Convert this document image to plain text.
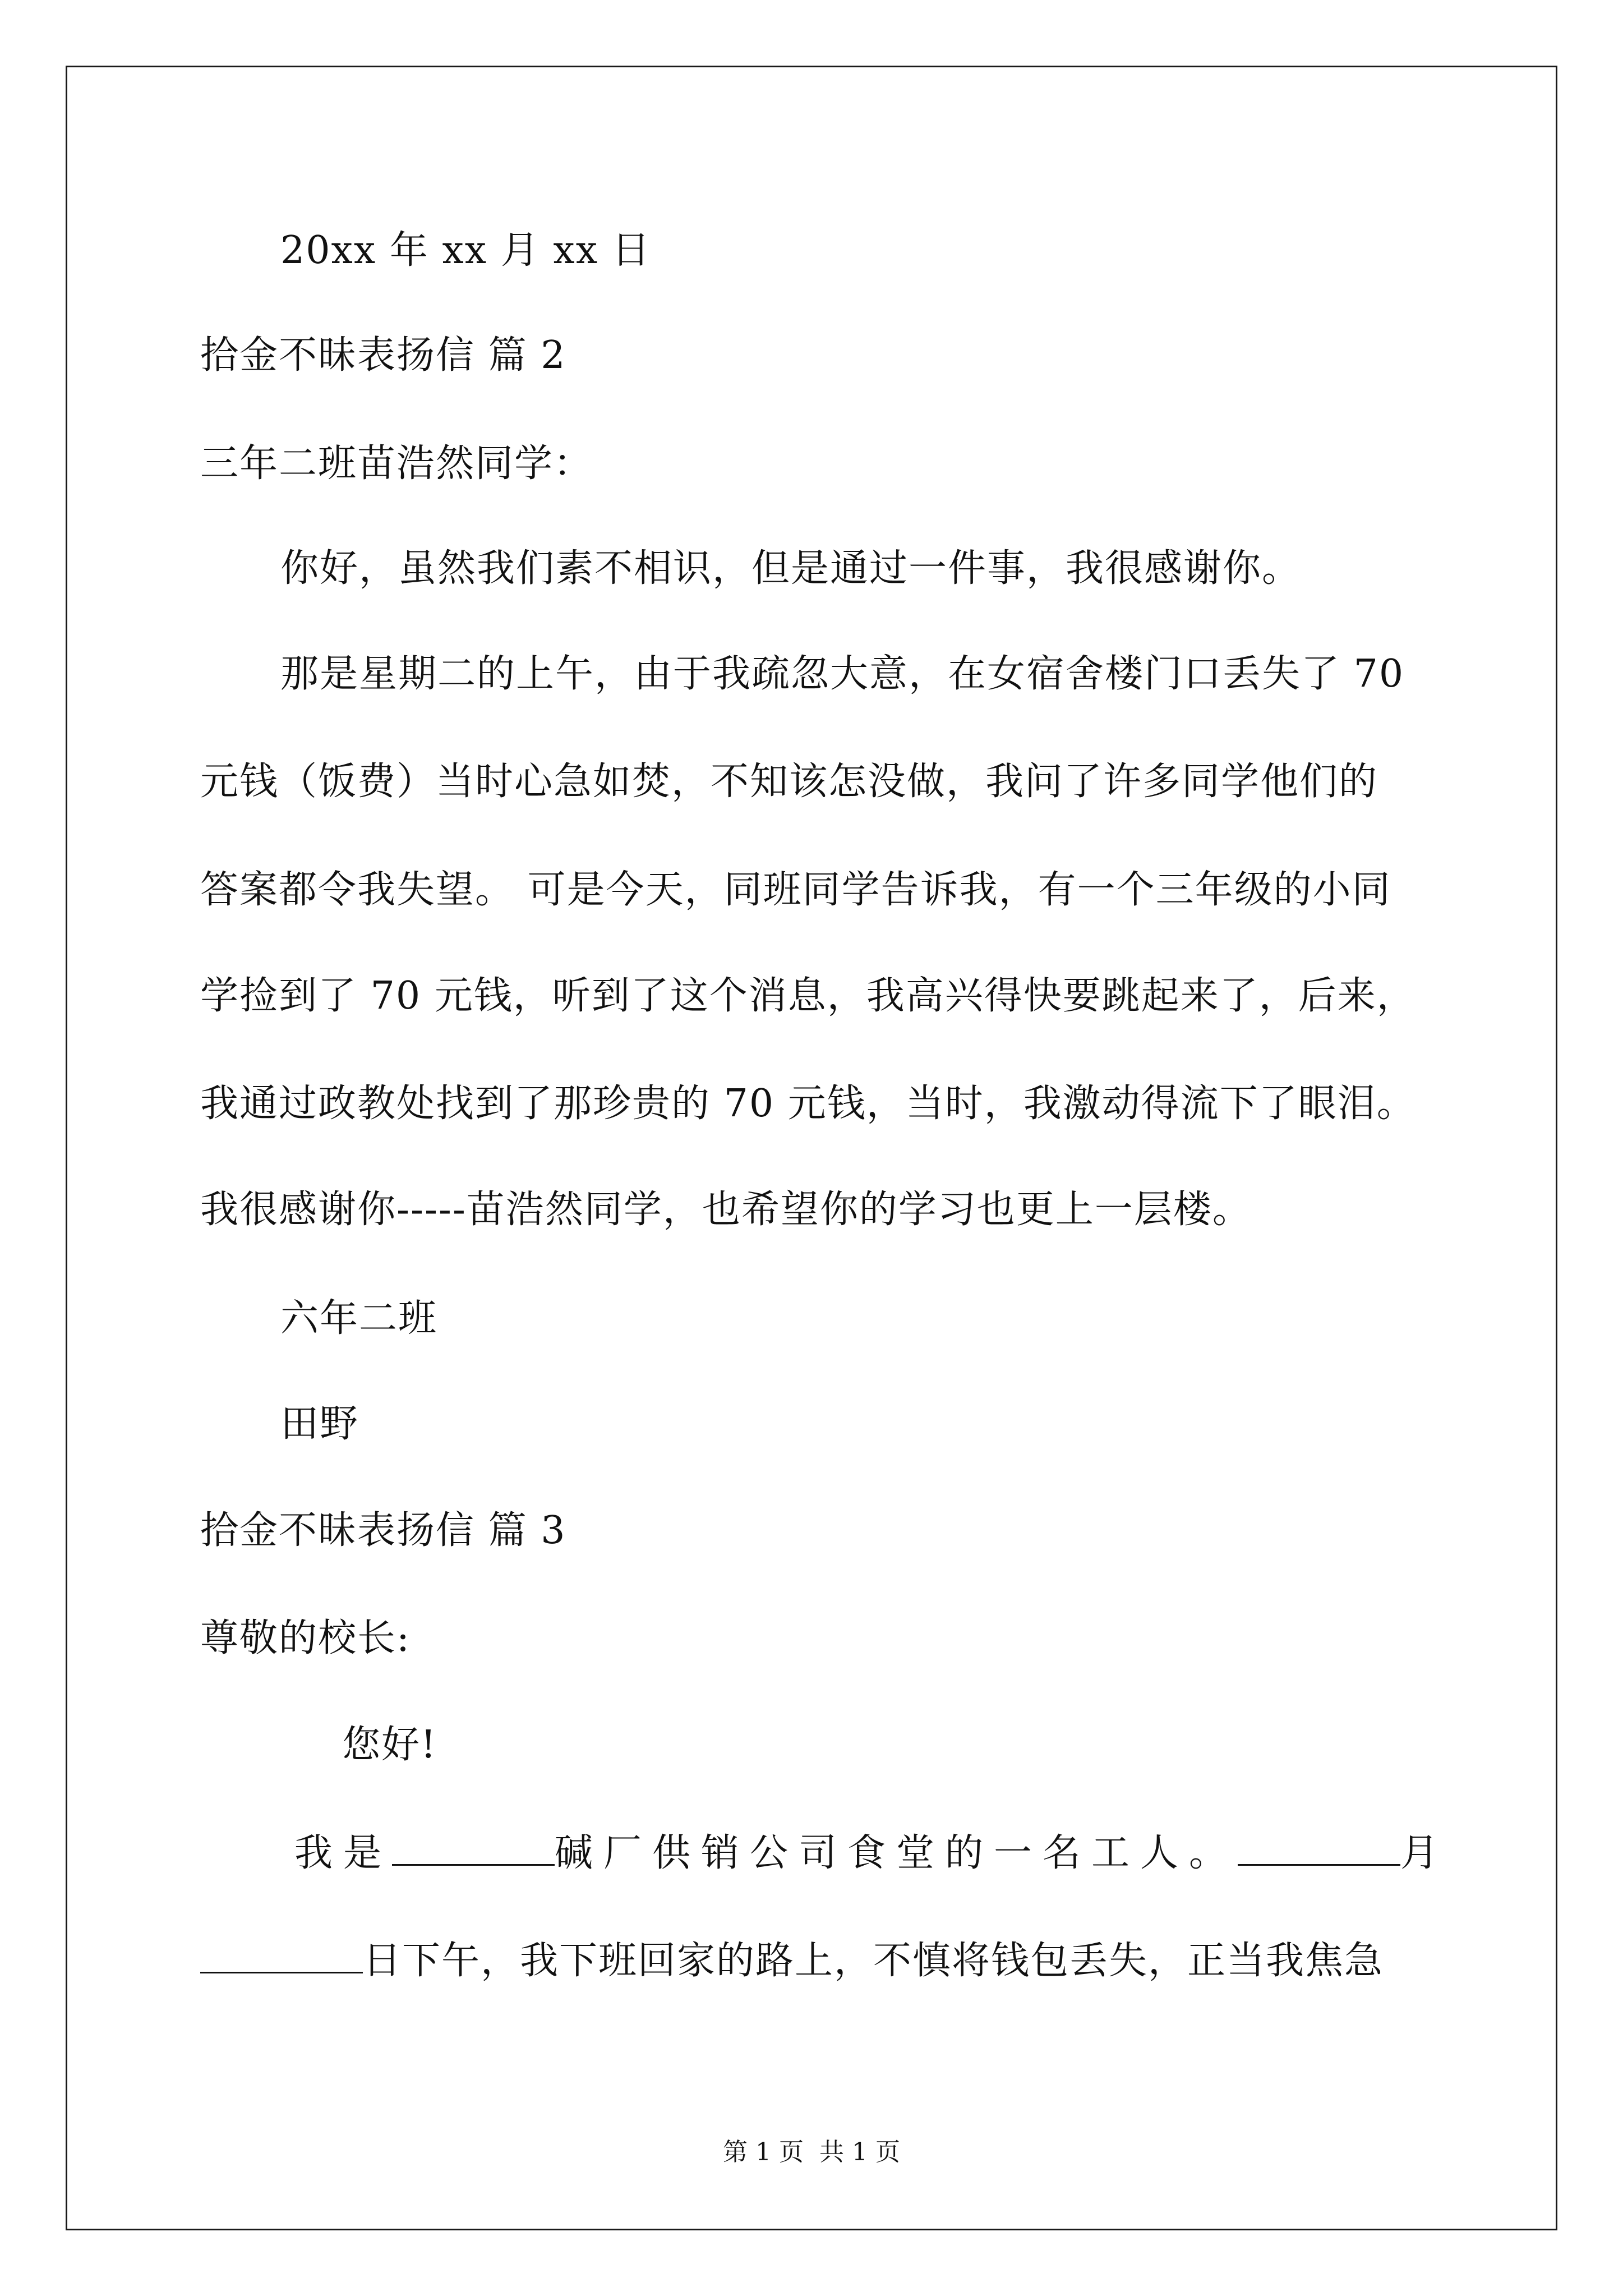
20xx 年 xx 月 xx 日
拾金不昧表扬信 篇 2
三年二班苗浩然同学：
你好，虽然我们素不相识，但是通过一件事，我很感谢你。
那是星期二的上午，由于我疏忽大意，在女宿舍楼门口丢失了 70
元钱（饭费）当时心急如焚，不知该怎没做，我问了许多同学他们的
答案都令我失望。 可是今天，同班同学告诉我，有一个三年级的小同
学捡到了 70 元钱，听到了这个消息，我高兴得快要跳起来了，后来，
我通过政教处找到了那珍贵的 70 元钱，当时，我激动得流下了眼泪。
我很感谢你-----苗浩然同学，也希望你的学习也更上一层楼。
六年二班
田野
拾金不昧表扬信 篇 3
尊敬的校长:
您好!
我是	碱厂供销公司食堂的一名工人。	月
日下午，我下班回家的路上，不慎将钱包丢失，正当我焦急
第 1 页 共 1 页
